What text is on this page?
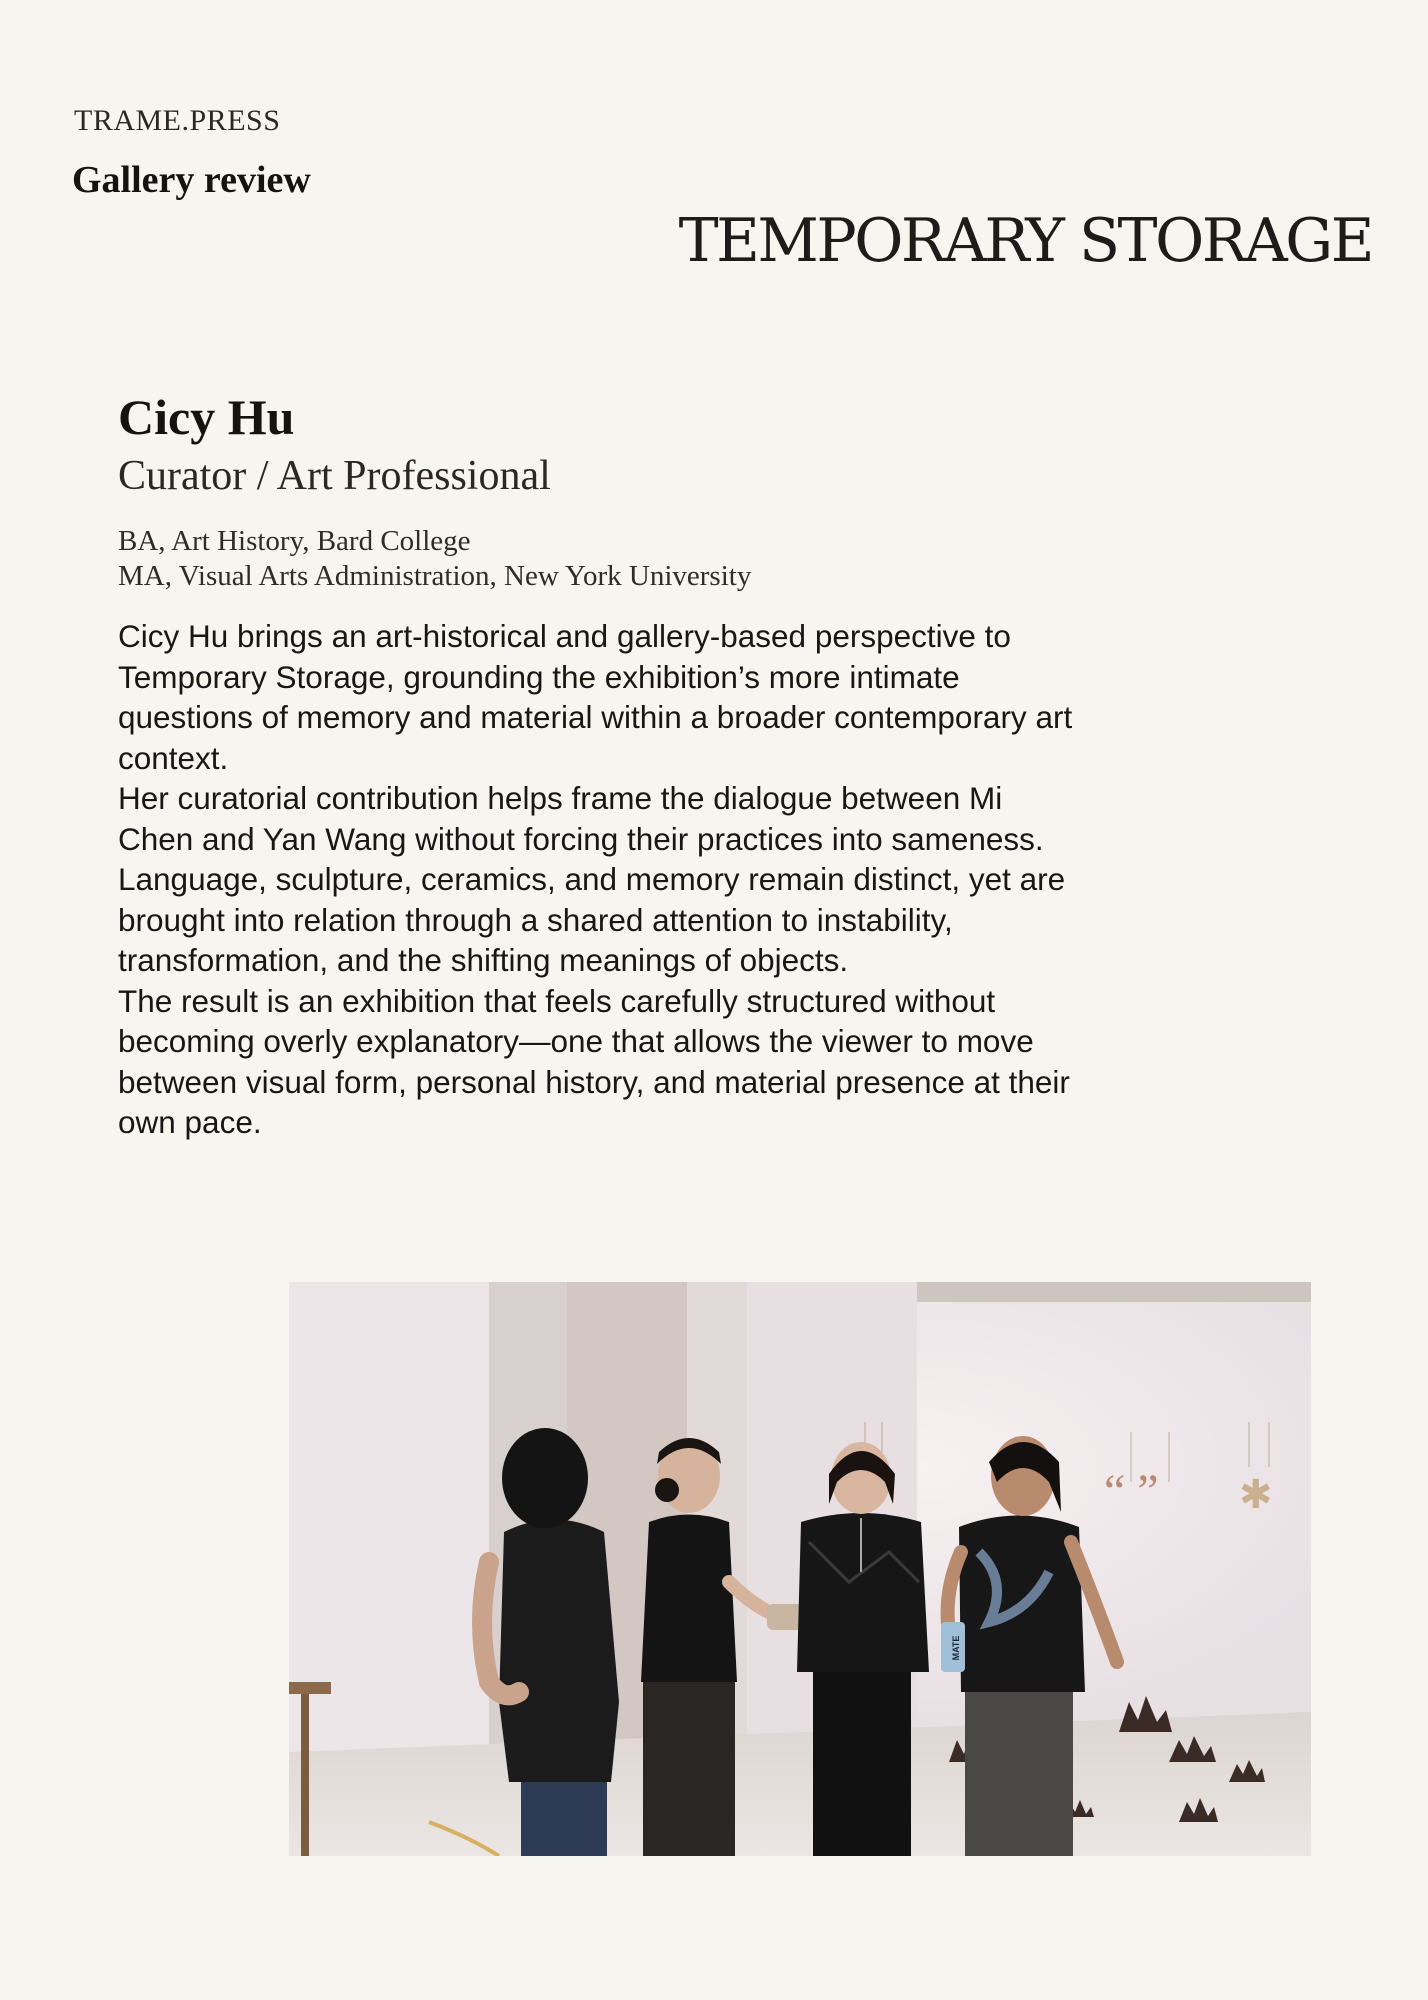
TRAME.PRESS
Gallery review
TEMPORARY STORAGE
Cicy Hu
Curator / Art Professional
BA, Art History, Bard College
MA, Visual Arts Administration, New York University

Cicy Hu brings an art-historical and gallery-based perspective to Temporary Storage, grounding the exhibition’s more intimate questions of memory and material within a broader contemporary art context.

Her curatorial contribution helps frame the dialogue between Mi Chen and Yan Wang without forcing their practices into sameness. Language, sculpture, ceramics, and memory remain distinct, yet are brought into relation through a shared attention to instability, transformation, and the shifting meanings of objects.

The result is an exhibition that feels carefully structured without becoming overly explanatory—one that allows the viewer to move between visual form, personal history, and material presence at their own pace.

“ ” ✱
MATE
